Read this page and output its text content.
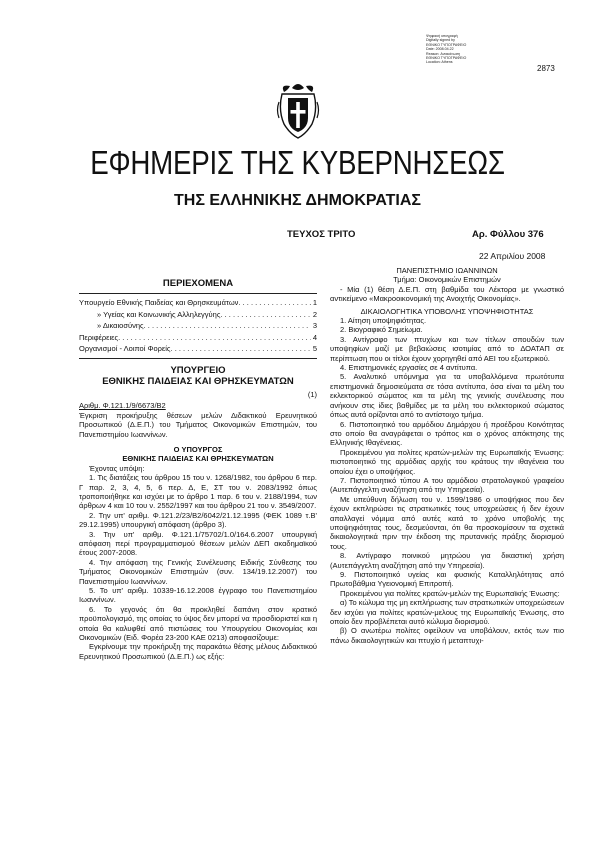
Ψηφιακή υπογραφή
Digitally signed by
ΕΘΝΙΚΟ ΤΥΠΟΓΡΑΦΕΙΟ
Date: 2008.04.22
Reason: Ανακοίνωση
ΕΘΝΙΚΟ ΤΥΠΟΓΡΑΦΕΙΟ
Location: Athens
2873
ΕΦΗΜΕΡΙΣ ΤΗΣ ΚΥΒΕΡΝΗΣΕΩΣ
ΤΗΣ ΕΛΛΗΝΙΚΗΣ ΔΗΜΟΚΡΑΤΙΑΣ
ΤΕΥΧΟΣ ΤΡΙΤΟ	Αρ. Φύλλου 376
22 Απριλίου 2008
ΠΕΡΙΕΧΟΜΕΝΑ
Υπουργείο Εθνικής Παιδείας και Θρησκευμάτων . . .	1
» Υγείας και Κοινωνικής Αλληλεγγύης . . .	2
» Δικαιοσύνης . . .	3
Περιφέρειες . . .	4
Οργανισμοί - Λοιποί Φορείς . . .	5
ΥΠΟΥΡΓΕΙΟ
ΕΘΝΙΚΗΣ ΠΑΙΔΕΙΑΣ ΚΑΙ ΘΡΗΣΚΕΥΜΑΤΩΝ
(1)
Αριθμ. Φ.121.1/9/6673/Β2
Έγκριση προκήρυξης θέσεων μελών Διδακτικού Ερευνητικού Προσωπικού (Δ.Ε.Π.) του Τμήματος Οικονομικών Επιστημών, του Πανεπιστημίου Ιωαννίνων.
Ο ΥΠΟΥΡΓΟΣ
ΕΘΝΙΚΗΣ ΠΑΙΔΕΙΑΣ ΚΑΙ ΘΡΗΣΚΕΥΜΑΤΩΝ

Έχοντας υπόψη:

1. Τις διατάξεις του άρθρου 15 του ν. 1268/1982, του άρθρου 6 περ. Γ παρ. 2, 3, 4, 5, 6 περ. Δ, Ε, ΣΤ του ν. 2083/1992 όπως τροποποιήθηκε και ισχύει με το άρθρο 1 παρ. 6 του ν. 2188/1994, των άρθρων 4 και 10 του ν. 2552/1997 και του άρθρου 21 του ν. 3549/2007.

2. Την υπ' αριθμ. Φ.121.2/23/Β2/6042/21.12.1995 (ΦΕΚ 1089 τ.Β' 29.12.1995) υπουργική απόφαση (άρθρο 3).

3. Την υπ' αριθμ. Φ.121.1/75702/1.0/164.6.2007 υπουργική απόφαση περί προγραμματισμού θέσεων μελών ΔΕΠ ακαδημαϊκού έτους 2007-2008.

4. Την απόφαση της Γενικής Συνέλευσης Ειδικής Σύνθεσης του Τμήματος Οικονομικών Επιστημών (συν. 134/19.12.2007) του Πανεπιστημίου Ιωαννίνων.

5. Το υπ' αριθμ. 10339-16.12.2008 έγγραφο του Πανεπιστημίου Ιωαννίνων.

6. Το γεγονός ότι θα προκληθεί δαπάνη στον κρατικό προϋπολογισμό, της οποίας το ύψος δεν μπορεί να προσδιοριστεί και η οποία θα καλυφθεί από πιστώσεις του Υπουργείου Οικονομίας και Οικονομικών (Ειδ. Φορέα 23-200 ΚΑΕ 0213) αποφασίζουμε:

Εγκρίνουμε την προκήρυξη της παρακάτω θέσης μέλους Διδακτικού Ερευνητικού Προσωπικού (Δ.Ε.Π.) ως εξής:

ΠΑΝΕΠΙΣΤΗΜΙΟ ΙΩΑΝΝΙΝΩΝ
Τμήμα: Οικονομικών Επιστημών

- Μία (1) θέση Δ.Ε.Π. στη βαθμίδα του Λέκτορα με γνωστικό αντικείμενο «Μακροοικονομική της Ανοιχτής Οικονομίας».

ΔΙΚΑΙΟΛΟΓΗΤΙΚΑ ΥΠΟΒΟΛΗΣ ΥΠΟΨΗΦΙΟΤΗΤΑΣ

1. Αίτηση υποψηφιότητας.

2. Βιογραφικό Σημείωμα.

3. Αντίγραφο των πτυχίων και των τίτλων σπουδών των υποψηφίων μαζί με βεβαιώσεις ισοτιμίας από το ΔΟΑΤΑΠ σε περίπτωση που οι τίτλοι έχουν χορηγηθεί από ΑΕΙ του εξωτερικού.

4. Επιστημονικές εργασίες σε 4 αντίτυπα.

5. Αναλυτικό υπόμνημα για τα υποβαλλόμενα πρωτότυπα επιστημονικά δημοσιεύματα σε τόσα αντίτυπα, όσα είναι τα μέλη του εκλεκτορικού σώματος και τα μέλη της γενικής συνέλευσης που ανήκουν στις ίδιες βαθμίδες με τα μέλη του εκλεκτορικού σώματος όπως αυτά ορίζονται από το αντίστοιχο τμήμα.

6. Πιστοποιητικό του αρμόδιου Δημάρχου ή προέδρου Κοινότητας στο οποίο θα αναγράφεται ο τρόπος και ο χρόνος απόκτησης της Ελληνικής Ιθαγένειας.

Προκειμένου για πολίτες κρατών-μελών της Ευρωπαϊκής Ένωσης: πιστοποιητικό της αρμόδιας αρχής του κράτους την ιθαγένεια του οποίου έχει ο υποψήφιος.

7. Πιστοποιητικό τύπου Α του αρμόδιου στρατολογικού γραφείου (Αυτεπάγγελτη αναζήτηση από την Υπηρεσία).

Με υπεύθυνη δήλωση του ν. 1599/1986 ο υποψήφιος που δεν έχουν εκπληρώσει τις στρατιωτικές τους υποχρεώσεις ή δεν έχουν απαλλαγεί νόμιμα από αυτές κατά το χρόνο υποβολής της υποψηφιότητας τους, δεσμεύονται, ότι θα προσκομίσουν τα σχετικά δικαιολογητικά πριν την έκδοση της πρυτανικής πράξης διορισμού τους.

8. Αντίγραφο ποινικού μητρώου για δικαστική χρήση (Αυτεπάγγελτη αναζήτηση από την Υπηρεσία).

9. Πιστοποιητικό υγείας και φυσικής Καταλληλότητας από Πρωτοβάθμια Υγειονομική Επιτροπή.

Προκειμένου για πολίτες κρατών-μελών της Ευρωπαϊκής Ένωσης:

α) Το κώλυμα της μη εκπλήρωσης των στρατιωτικών υποχρεώσεων δεν ισχύει για πολίτες κρατών-μελους της Ευρωπαϊκής Ένωσης, στο οποίο δεν προβλέπεται αυτό κώλυμα διορισμού.

β) Ο ανωτέρω πολίτες οφείλουν να υποβάλουν, εκτός των πιο πάνω δικαιολογητικών και πτυχίο ή μεταπτυχι-
